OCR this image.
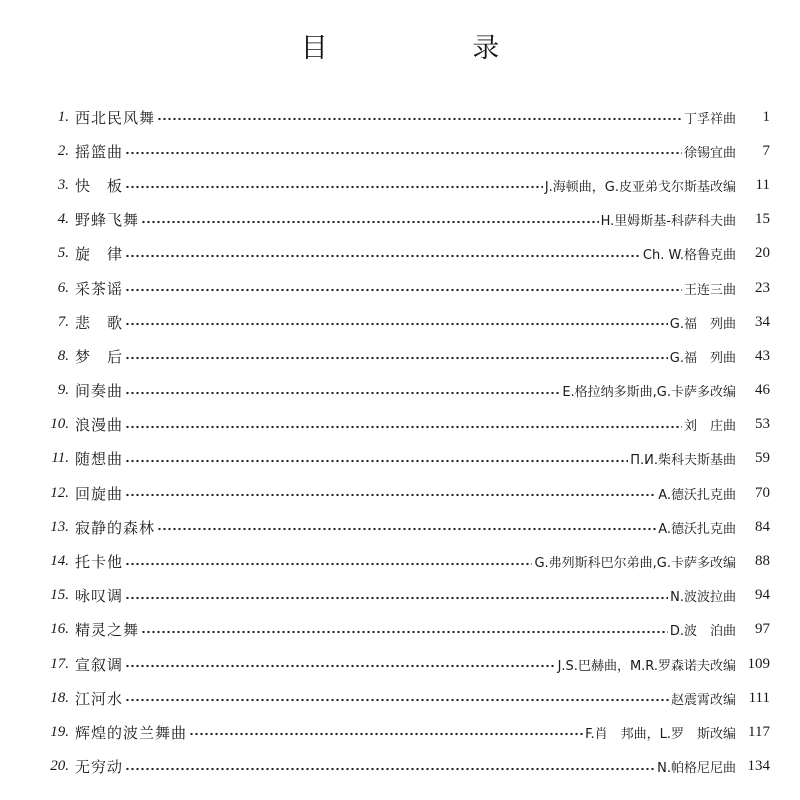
目 录
1. 西北民风舞	丁孚祥曲	1
2. 摇篮曲	徐锡宜曲	7
3. 快　板	J.海顿曲，G.皮亚弟戈尔斯基改编	11
4. 野蜂飞舞	H.里姆斯基-科萨科夫曲	15
5. 旋　律	Ch. W.格鲁克曲	20
6. 采茶谣	王连三曲	23
7. 悲　歌	G.福　列曲	34
8. 梦　后	G.福　列曲	43
9. 间奏曲	E.格拉纳多斯曲,G.卡萨多改编	46
10. 浪漫曲	刘　庄曲	53
11. 随想曲	П.И.柴科夫斯基曲	59
12. 回旋曲	A.德沃扎克曲	70
13. 寂静的森林	A.德沃扎克曲	84
14. 托卡他	G.弗列斯科巴尔弟曲,G.卡萨多改编	88
15. 咏叹调	N.波波拉曲	94
16. 精灵之舞	D.波　泊曲	97
17. 宣叙调	J.S.巴赫曲，M.R.罗森诺夫改编 109
18. 江河水	赵震霄改编 111
19. 辉煌的波兰舞曲	F.肖　邦曲，L.罗　斯改编 117
20. 无穷动	N.帕格尼尼曲 134
